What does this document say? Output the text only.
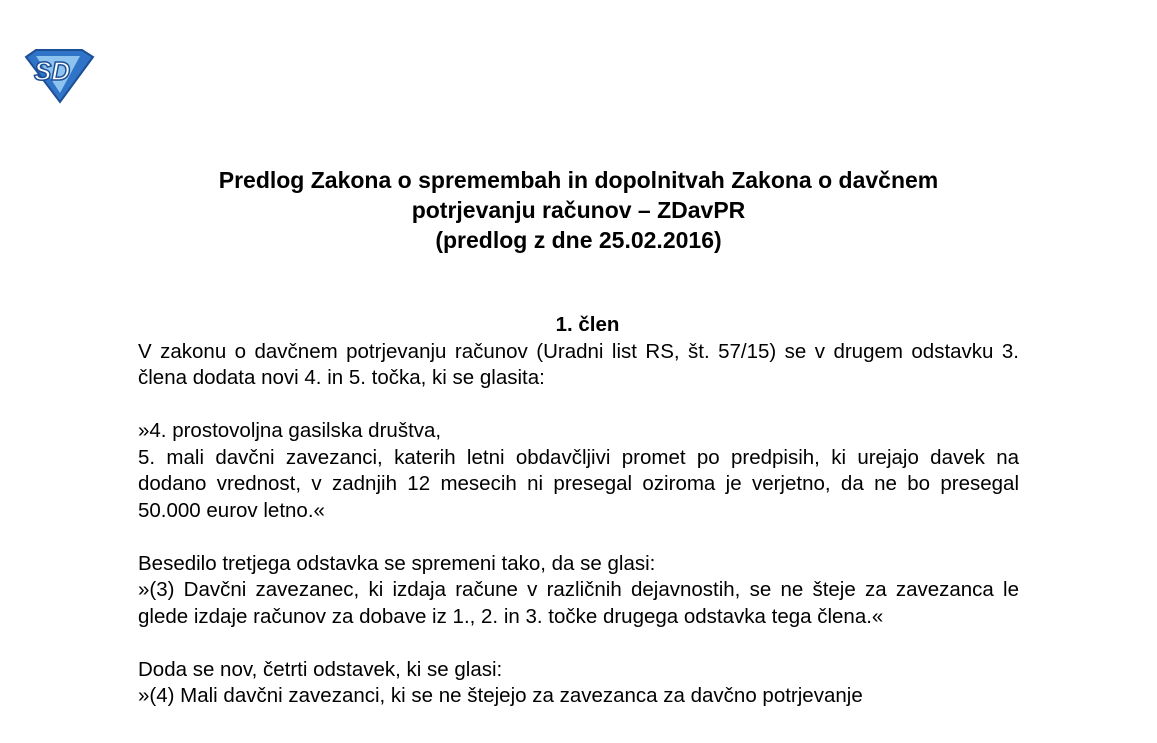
SD
Predlog Zakona o spremembah in dopolnitvah Zakona o davčnem
potrjevanju računov – ZDavPR
(predlog z dne 25.02.2016)
1. člen

V zakonu o davčnem potrjevanju računov (Uradni list RS, št. 57/15) se v drugem odstavku 3. člena dodata novi 4. in 5. točka, ki se glasita:

»4. prostovoljna gasilska društva,

5. mali davčni zavezanci, katerih letni obdavčljivi promet po predpisih, ki urejajo davek na dodano vrednost, v zadnjih 12 mesecih ni presegal oziroma je verjetno, da ne bo presegal 50.000 eurov letno.«

Besedilo tretjega odstavka se spremeni tako, da se glasi:

»(3) Davčni zavezanec, ki izdaja račune v različnih dejavnostih, se ne šteje za zavezanca le glede izdaje računov za dobave iz 1., 2. in 3. točke drugega odstavka tega člena.«

Doda se nov, četrti odstavek, ki se glasi:

»(4) Mali davčni zavezanci, ki se ne štejejo za zavezanca za davčno potrjevanje
